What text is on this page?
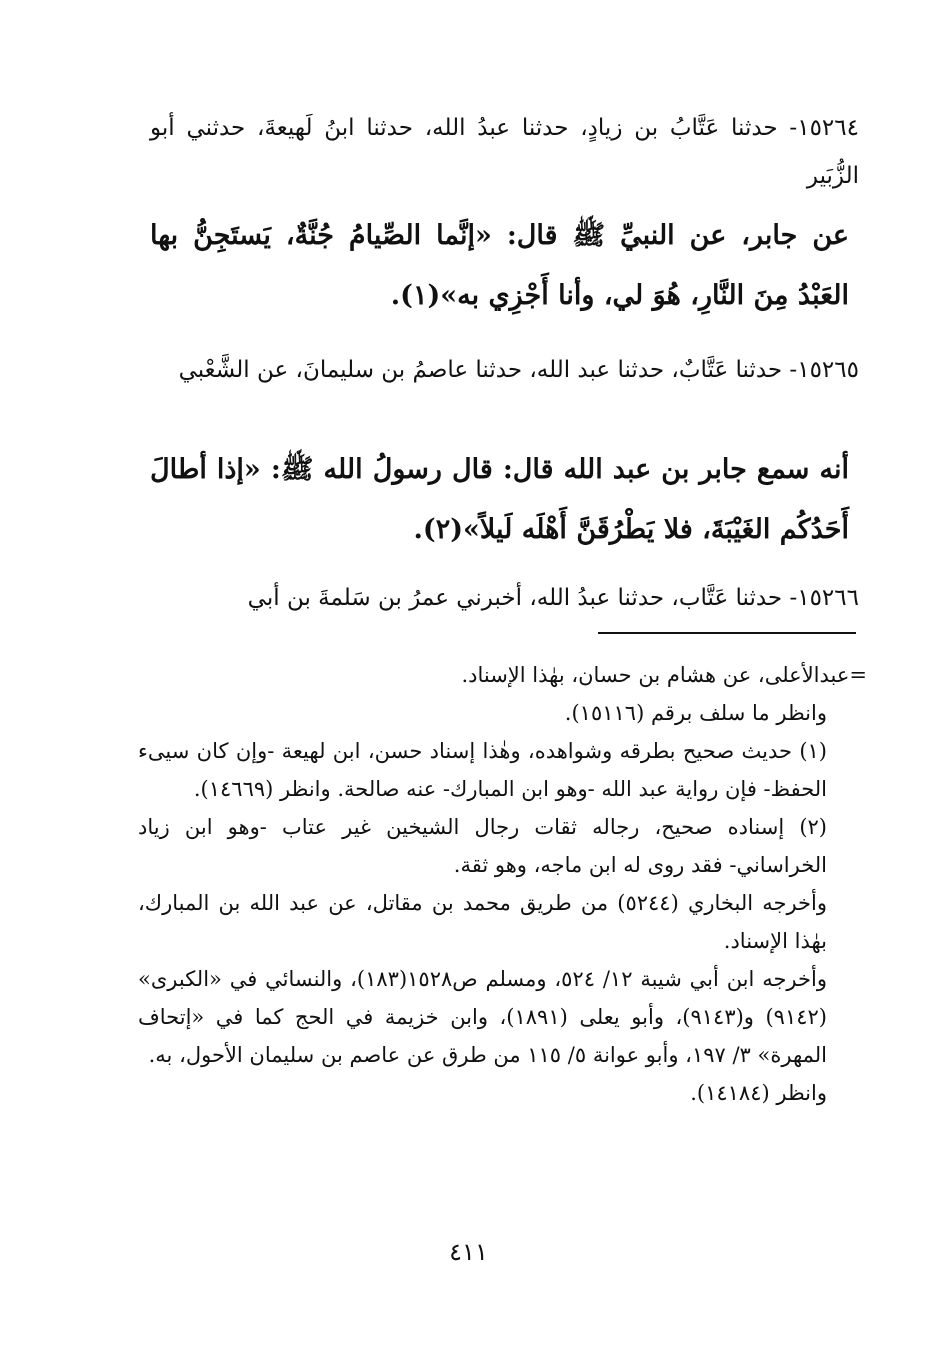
١٥٢٦٤- حدثنا عَتَّابُ بن زيادٍ، حدثنا عبدُ الله، حدثنا ابنُ لَهيعةَ، حدثني أبو الزُّبَير
عن جابر، عن النبيِّ ﷺ قال: «إنَّما الصِّيامُ جُنَّةٌ، يَستَجِنُّ بها العَبْدُ مِنَ النَّارِ، هُوَ لي، وأنا أَجْزِي به»(١).
١٥٢٦٥- حدثنا عَتَّابٌ، حدثنا عبد الله، حدثنا عاصمُ بن سليمانَ، عن الشَّعْبي
أنه سمع جابر بن عبد الله قال: قال رسولُ الله ﷺ: «إذا أطالَ أَحَدُكُم الغَيْبَةَ، فلا يَطْرُقَنَّ أَهْلَه لَيلاً»(٢).
١٥٢٦٦- حدثنا عَتَّاب، حدثنا عبدُ الله، أخبرني عمرُ بن سَلمةَ بن أبي

=عبدالأعلى، عن هشام بن حسان، بهٰذا الإسناد.

وانظر ما سلف برقم (١٥١١٦).

(١) حديث صحيح بطرقه وشواهده، وهٰذا إسناد حسن، ابن لهيعة -وإن كان سيىء الحفظ- فإن رواية عبد الله -وهو ابن المبارك- عنه صالحة. وانظر (١٤٦٦٩).

(٢) إسناده صحيح، رجاله ثقات رجال الشيخين غير عتاب -وهو ابن زياد الخراساني- فقد روى له ابن ماجه، وهو ثقة.

وأخرجه البخاري (٥٢٤٤) من طريق محمد بن مقاتل، عن عبد الله بن المبارك، بهٰذا الإسناد.

وأخرجه ابن أبي شيبة ١٢/ ٥٢٤، ومسلم ص١٥٢٨(١٨٣)، والنسائي في «الكبرى» (٩١٤٢) و(٩١٤٣)، وأبو يعلى (١٨٩١)، وابن خزيمة في الحج كما في «إتحاف المهرة» ٣/ ١٩٧، وأبو عوانة ٥/ ١١٥ من طرق عن عاصم بن سليمان الأحول، به.

وانظر (١٤١٨٤).

٤١١
